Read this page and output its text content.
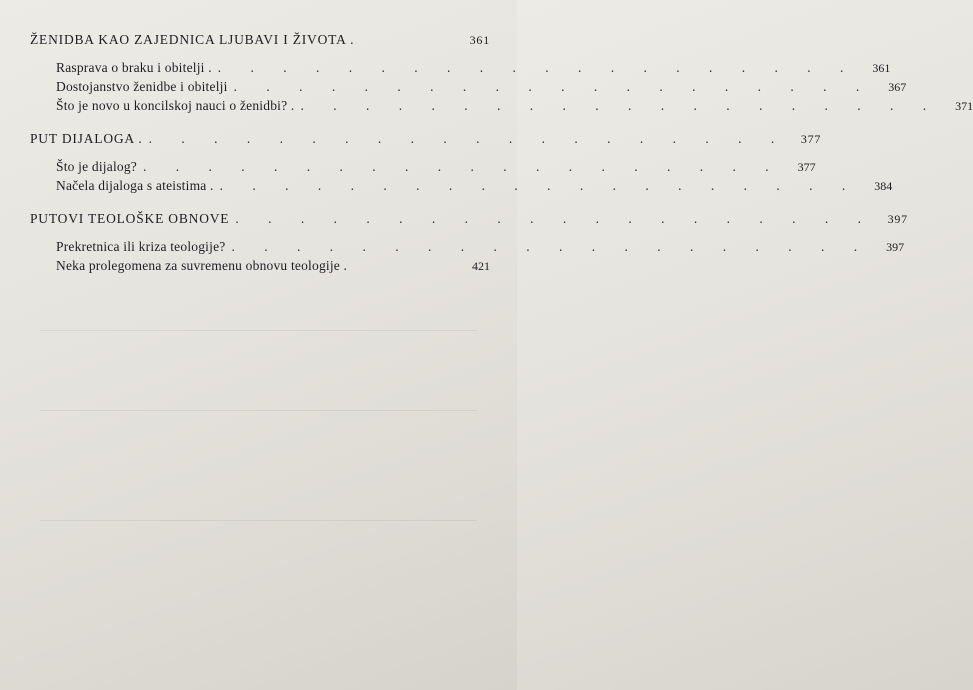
ŽENIDBA KAO ZAJEDNICA LJUBAVI I ŽIVOTA .	361
Rasprava o braku i obitelji . . . . . . . . . . . . . . . . . . . . .	361
Dostojanstvo ženidbe i obitelji . . . . . . . . . . . . . . . . . . . .	367
Što je novo u koncilskoj nauci o ženidbi? . . . . . . . . . . . . . . . . . . . . .	371
PUT DIJALOGA . . . . . . . . . . . . . . . . . . . . .	377
Što je dijalog? . . . . . . . . . . . . . . . . . . . .	377
Načela dijaloga s ateistima . . . . . . . . . . . . . . . . . . . . .	384
PUTOVI TEOLOŠKE OBNOVE . . . . . . . . . . . . . . . . . . . .	397
Prekretnica ili kriza teologije? . . . . . . . . . . . . . . . . . . . .	397
Neka prolegomena za suvremenu obnovu teologije .	421
